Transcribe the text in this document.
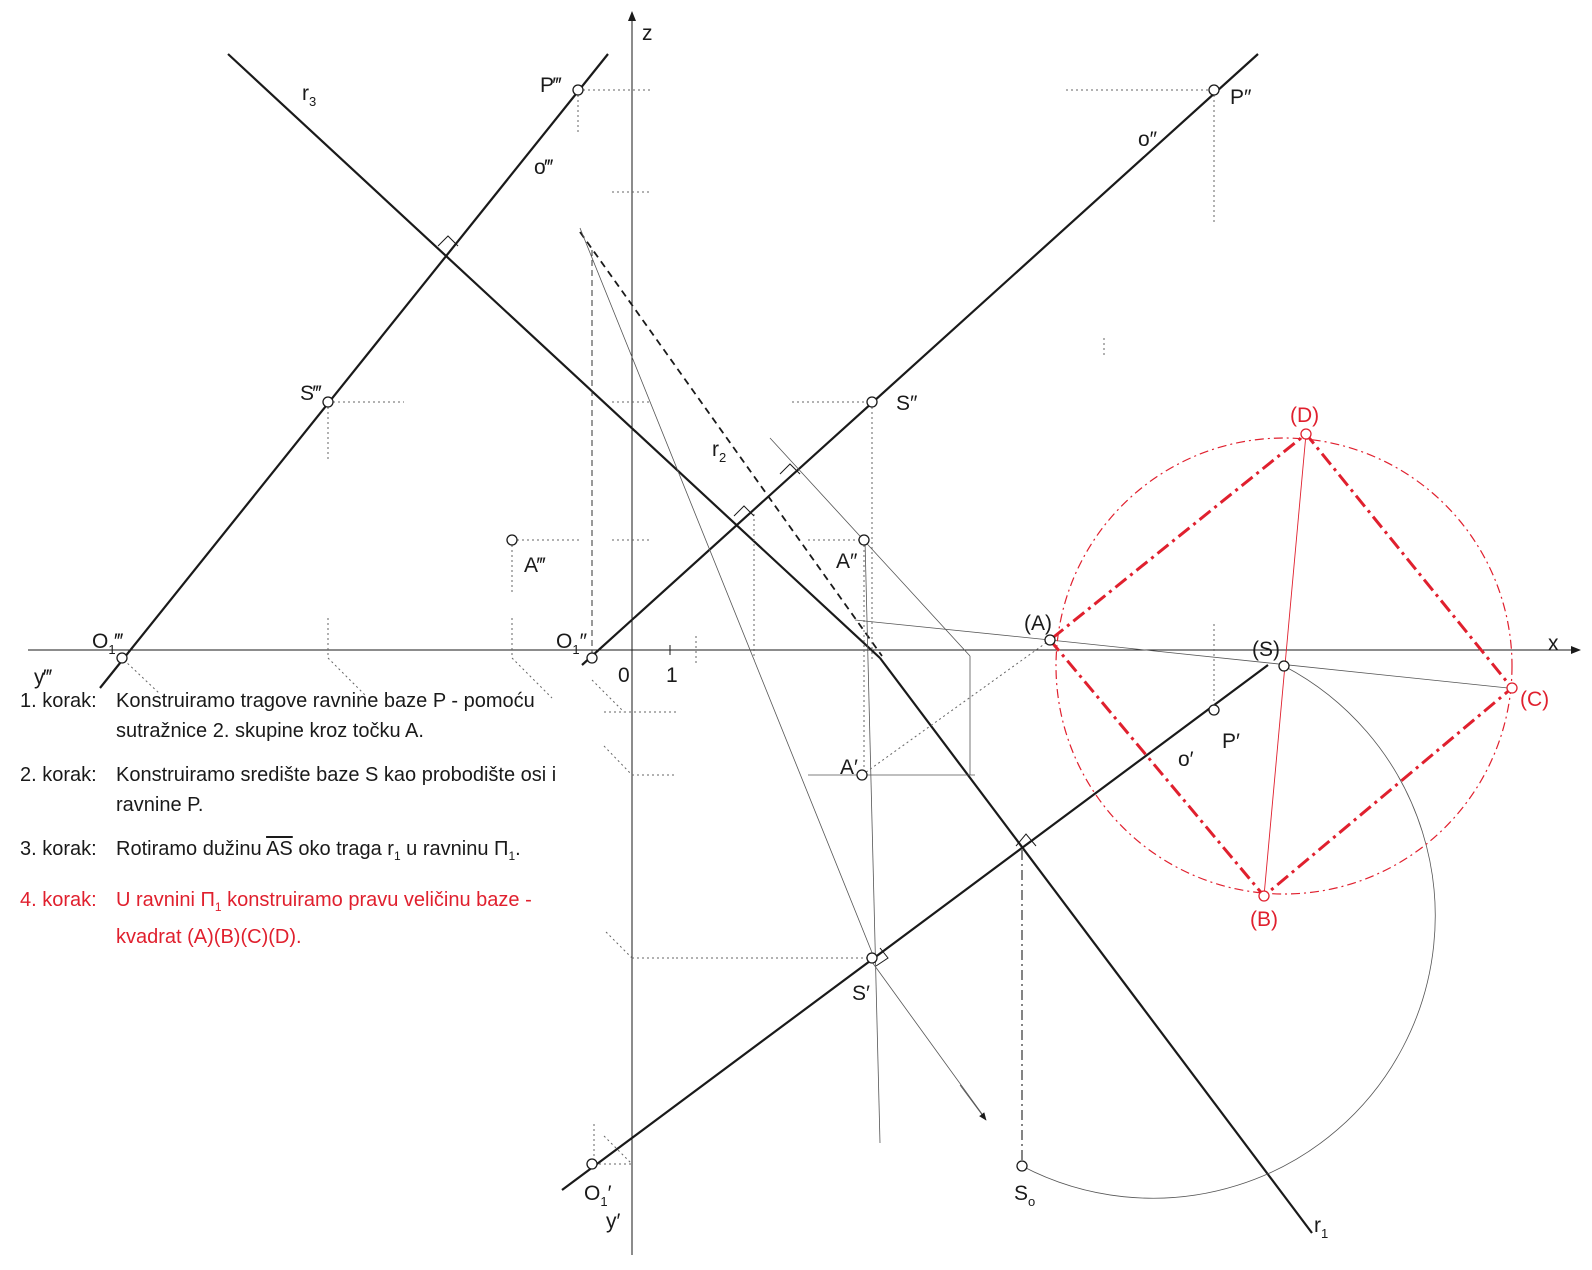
x
z
y‴
y′
0 1
P‴
P″
P′
S‴	S″
S′
A‴	A″
A′
$O_1‴$	$O_1''$
$O_1'$	$S_o$
(A)
(S)
(B)
(C)
(D)
$r_3$
$r_2$
$r_1$
o‴
o″
o′
1. korak: Konstruiramo tragove ravnine baze P - pomoću sutražnice 2. skupine kroz točku A.
2. korak: Konstruiramo središte baze S kao probodište osi i ravnine P.
3. korak: Rotiramo dužinu $\overline{AS}$ oko traga $r_1$ u ravninu $\Pi_1$.
4. korak: U ravnini $\Pi_1$ konstruiramo pravu veličinu baze - kvadrat (A)(B)(C)(D).
